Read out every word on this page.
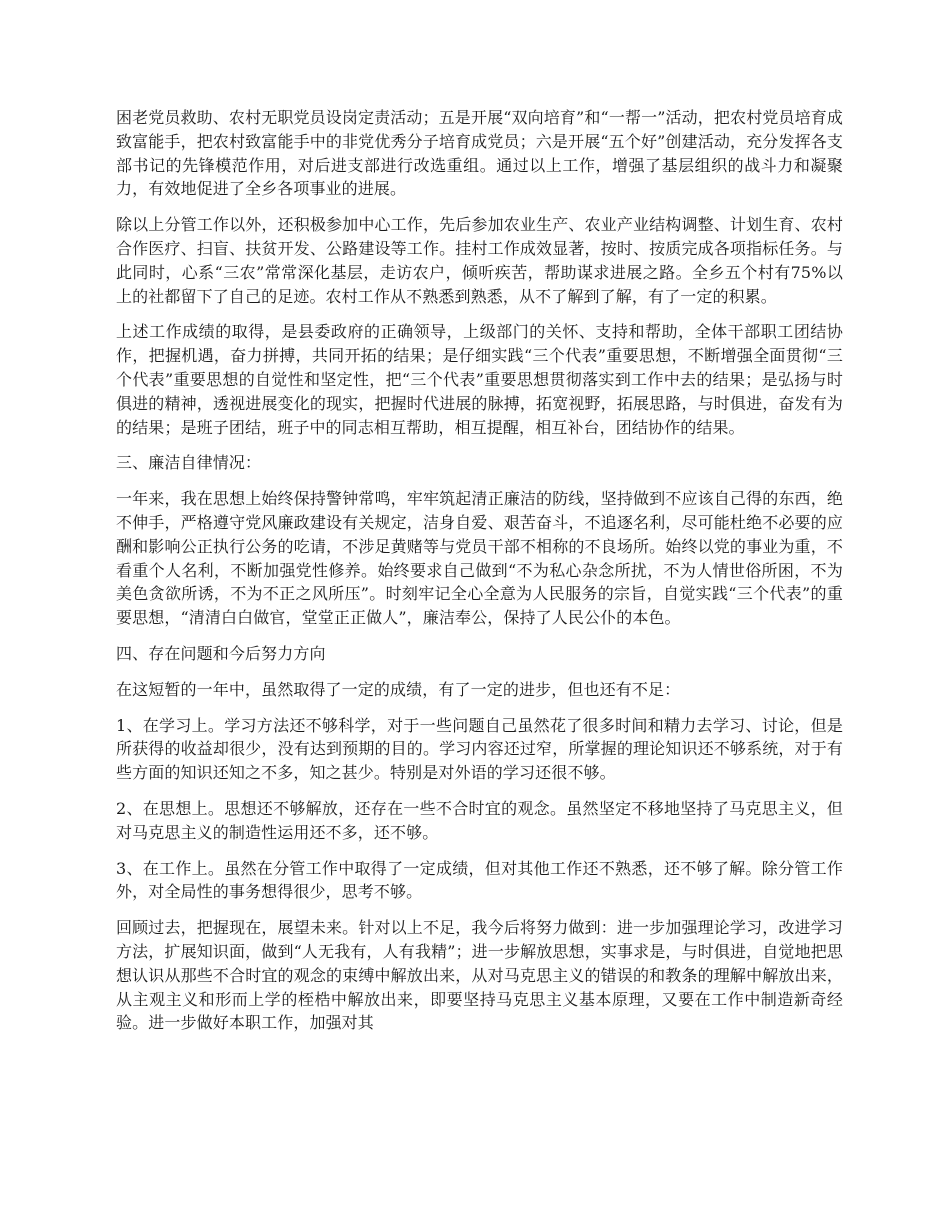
困老党员救助、农村无职党员设岗定责活动；五是开展“双向培育”和“一帮一”活动，把农村党员培育成致富能手，把农村致富能手中的非党优秀分子培育成党员；六是开展“五个好”创建活动，充分发挥各支部书记的先锋模范作用，对后进支部进行改选重组。通过以上工作，增强了基层组织的战斗力和凝聚力，有效地促进了全乡各项事业的进展。

除以上分管工作以外，还积极参加中心工作，先后参加农业生产、农业产业结构调整、计划生育、农村合作医疗、扫盲、扶贫开发、公路建设等工作。挂村工作成效显著，按时、按质完成各项指标任务。与此同时，心系“三农”常常深化基层，走访农户，倾听疾苦，帮助谋求进展之路。全乡五个村有75%以上的社都留下了自己的足迹。农村工作从不熟悉到熟悉，从不了解到了解，有了一定的积累。

上述工作成绩的取得，是县委政府的正确领导，上级部门的关怀、支持和帮助，全体干部职工团结协作，把握机遇，奋力拼搏，共同开拓的结果；是仔细实践“三个代表”重要思想，不断增强全面贯彻“三个代表”重要思想的自觉性和坚定性，把“三个代表”重要思想贯彻落实到工作中去的结果；是弘扬与时俱进的精神，透视进展变化的现实，把握时代进展的脉搏，拓宽视野，拓展思路，与时俱进，奋发有为的结果；是班子团结，班子中的同志相互帮助，相互提醒，相互补台，团结协作的结果。

三、廉洁自律情况：

一年来，我在思想上始终保持警钟常鸣，牢牢筑起清正廉洁的防线，坚持做到不应该自己得的东西，绝不伸手，严格遵守党风廉政建设有关规定，洁身自爱、艰苦奋斗，不追逐名利，尽可能杜绝不必要的应酬和影响公正执行公务的吃请，不涉足黄赌等与党员干部不相称的不良场所。始终以党的事业为重，不看重个人名利，不断加强党性修养。始终要求自己做到“不为私心杂念所扰，不为人情世俗所困，不为美色贪欲所诱，不为不正之风所压”。时刻牢记全心全意为人民服务的宗旨，自觉实践“三个代表”的重要思想，“清清白白做官，堂堂正正做人”，廉洁奉公，保持了人民公仆的本色。

四、存在问题和今后努力方向

在这短暂的一年中，虽然取得了一定的成绩，有了一定的进步，但也还有不足：

1、在学习上。学习方法还不够科学，对于一些问题自己虽然花了很多时间和精力去学习、讨论，但是所获得的收益却很少，没有达到预期的目的。学习内容还过窄，所掌握的理论知识还不够系统，对于有些方面的知识还知之不多，知之甚少。特别是对外语的学习还很不够。

2、在思想上。思想还不够解放，还存在一些不合时宜的观念。虽然坚定不移地坚持了马克思主义，但对马克思主义的制造性运用还不多，还不够。

3、在工作上。虽然在分管工作中取得了一定成绩，但对其他工作还不熟悉，还不够了解。除分管工作外，对全局性的事务想得很少，思考不够。

回顾过去，把握现在，展望未来。针对以上不足，我今后将努力做到：进一步加强理论学习，改进学习方法，扩展知识面，做到“人无我有，人有我精”；进一步解放思想，实事求是，与时俱进，自觉地把思想认识从那些不合时宜的观念的束缚中解放出来，从对马克思主义的错误的和教条的理解中解放出来，从主观主义和形而上学的桎梏中解放出来，即要坚持马克思主义基本原理，又要在工作中制造新奇经验。进一步做好本职工作，加强对其
